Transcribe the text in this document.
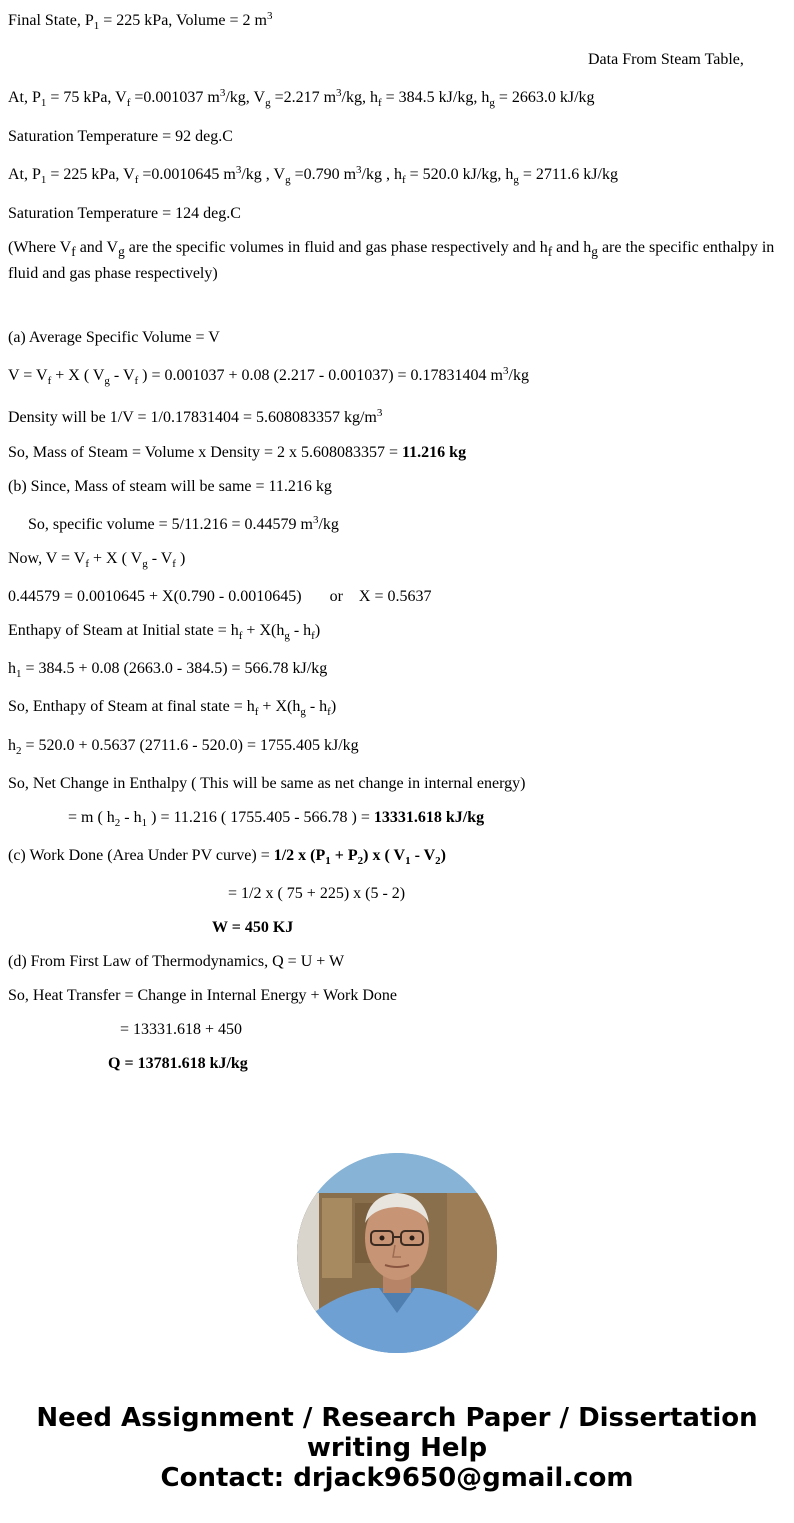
Final State, $P_1 = 225$ kPa, Volume = 2 $m^3$
Data From Steam Table,
At, $P_1 = 75$ kPa, $V_f =0.001037$ $m^3/kg$, $V_g =2.217$ $m^3/kg$, $h_f = 384.5$ kJ/kg, $h_g = 2663.0$ kJ/kg
Saturation Temperature = 92 deg.C
At, $P_1 = 225$ kPa, $V_f =0.0010645$ $m^3/kg$ , $V_g =0.790$ $m^3/kg$ , $h_f = 520.0$ kJ/kg, $h_g = 2711.6$ kJ/kg
Saturation Temperature = 124 deg.C
(Where $V_f$ and $V_g$ are the specific volumes in fluid and gas phase respectively and $h_f$ and $h_g$ are the specific enthalpy in fluid and gas phase respectively)
(a) Average Specific Volume = V
$V = V_f + X$ ( $V_g - V_f$ ) = 0.001037 + 0.08 (2.217 - 0.001037) = 0.17831404 $m^3/kg$
Density will be 1/V = 1/0.17831404 = 5.608083357 $kg/m^3$
So, Mass of Steam = Volume x Density = 2 x 5.608083357 = 11.216 kg
(b) Since, Mass of steam will be same = 11.216 kg
So, specific volume = 5/11.216 = 0.44579 $m^3/kg$
Now, $V = V_f + X$ ( $V_g - V_f$ )
0.44579 = 0.0010645 + X(0.790 - 0.0010645)       or    X = 0.5637
Enthapy of Steam at Initial state = $h_f + X(h_g - h_f)$
$h_1 = 384.5 + 0.08$ (2663.0 - 384.5) = 566.78 kJ/kg
So, Enthapy of Steam at final state = $h_f + X(h_g - h_f)$
$h_2 = 520.0 + 0.5637$ (2711.6 - 520.0) = 1755.405 kJ/kg
So, Net Change in Enthalpy ( This will be same as net change in internal energy)
= m ( $h_2 - h_1$ ) = 11.216 ( 1755.405 - 566.78 ) = 13331.618 kJ/kg
(c) Work Done (Area Under PV curve) = 1/2 x $(P_1 + P_2)$ x ( $V_1 - V_2$)
= 1/2 x ( 75 + 225) x (5 - 2)
W = 450 KJ
(d) From First Law of Thermodynamics, Q = U + W
So, Heat Transfer = Change in Internal Energy + Work Done
= 13331.618 + 450
Q = 13781.618 kJ/kg
Need Assignment / Research Paper / Dissertation
writing Help
Contact: drjack9650@gmail.com
